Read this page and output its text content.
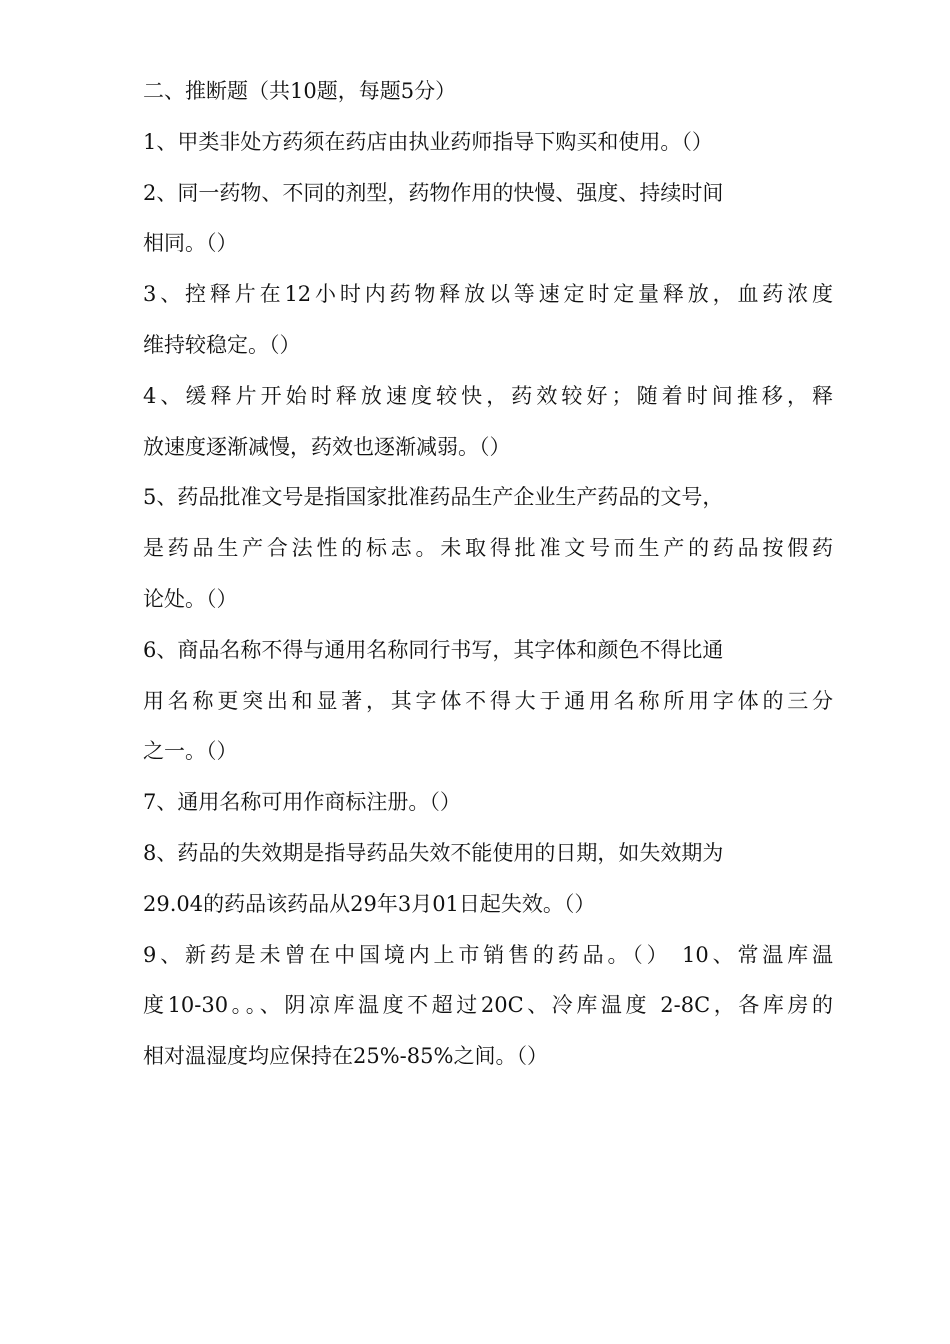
二、推断题（共10题，每题5分）
1、甲类非处方药须在药店由执业药师指导下购买和使用。（）
2、同一药物、不同的剂型，药物作用的快慢、强度、持续时间
相同。（）
3、控释片在12小时内药物释放以等速定时定量释放，血药浓度
维持较稳定。（）
4、缓释片开始时释放速度较快，药效较好；随着时间推移，释
放速度逐渐减慢，药效也逐渐减弱。（）
5、药品批准文号是指国家批准药品生产企业生产药品的文号，
是药品生产合法性的标志。未取得批准文号而生产的药品按假药
论处。（）
6、商品名称不得与通用名称同行书写，其字体和颜色不得比通
用名称更突出和显著，其字体不得大于通用名称所用字体的三分
之一。（）
7、通用名称可用作商标注册。（）
8、药品的失效期是指导药品失效不能使用的日期，如失效期为
29.04的药品该药品从29年3月01日起失效。（）
9、新药是未曾在中国境内上市销售的药品。（） 10、常温库温
度10-30。。、阴凉库温度不超过20C、冷库温度 2-8C，各库房的
相对温湿度均应保持在25%-85%之间。（）
